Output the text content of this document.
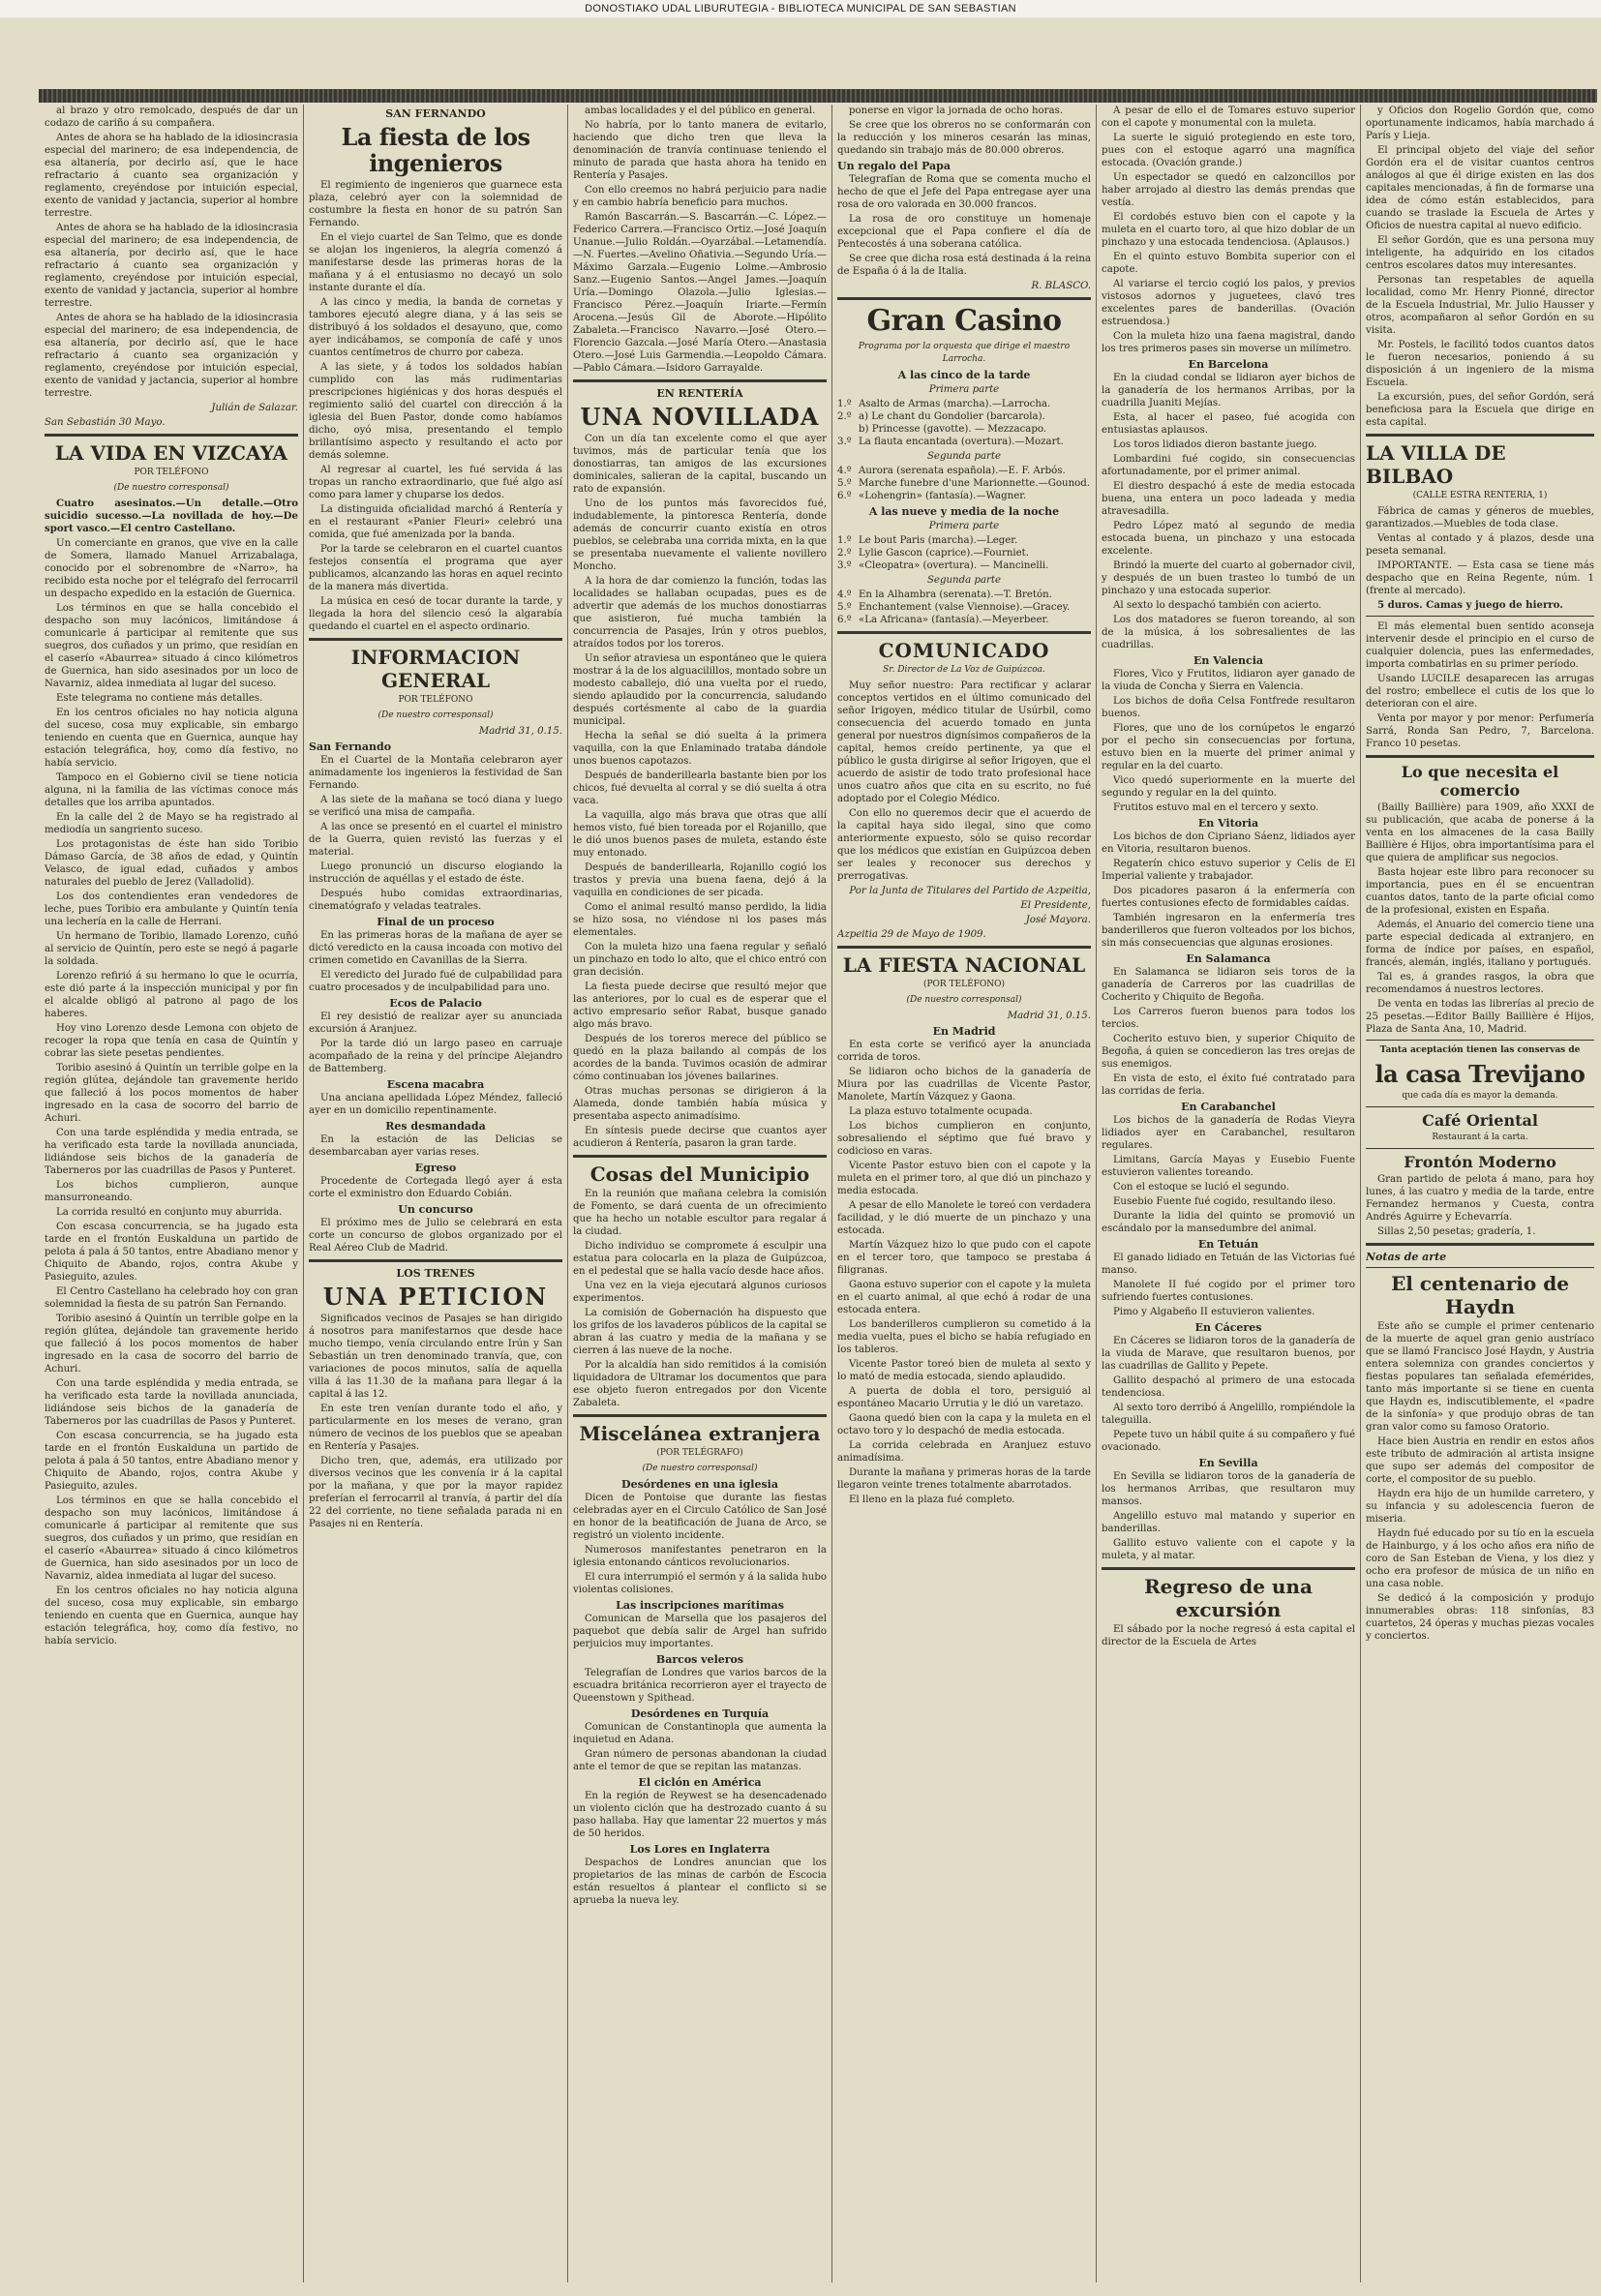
DONOSTIAKO UDAL LIBURUTEGIA - BIBLIOTECA MUNICIPAL DE SAN SEBASTIAN

al brazo y otro remolcado, después de dar un codazo de cariño á su compañera.

Antes de ahora se ha hablado de la idiosincrasia especial del marinero; de esa independencia, de esa altanería, por decirlo así, que le hace refractario á cuanto sea organización y reglamento, creyéndose por intuición especial, exento de vanidad y jactancia, superior al hombre terrestre.

Antes de ahora se ha hablado de la idiosincrasia especial del marinero; de esa independencia, de esa altanería, por decirlo así, que le hace refractario á cuanto sea organización y reglamento, creyéndose por intuición especial, exento de vanidad y jactancia, superior al hombre terrestre.

Antes de ahora se ha hablado de la idiosincrasia especial del marinero; de esa independencia, de esa altanería, por decirlo así, que le hace refractario á cuanto sea organización y reglamento, creyéndose por intuición especial, exento de vanidad y jactancia, superior al hombre terrestre.

Julián de Salazar.
San Sebastián 30 Mayo.
LA VIDA EN VIZCAYA
POR TELÉFONO
(De nuestro corresponsal)

Cuatro asesinatos.—Un detalle.—Otro suicidio sucesso.—La novillada de hoy.—De sport vasco.—El centro Castellano.

Un comerciante en granos, que vive en la calle de Somera, llamado Manuel Arrizabalaga, conocido por el sobrenombre de «Narro», ha recibido esta noche por el telégrafo del ferrocarril un despacho expedido en la estación de Guernica.

Los términos en que se halla concebido el despacho son muy lacónicos, limitándose á comunicarle á participar al remitente que sus suegros, dos cuñados y un primo, que residían en el caserío «Abaurrea» situado á cinco kilómetros de Guernica, han sido asesinados por un loco de Navarniz, aldea inmediata al lugar del suceso.

Este telegrama no contiene más detalles.

En los centros oficiales no hay noticia alguna del suceso, cosa muy explicable, sin embargo teniendo en cuenta que en Guernica, aunque hay estación telegráfica, hoy, como día festivo, no había servicio.

Tampoco en el Gobierno civil se tiene noticia alguna, ni la familia de las víctimas conoce más detalles que los arriba apuntados.

En la calle del 2 de Mayo se ha registrado al mediodía un sangriento suceso.

Los protagonistas de éste han sido Toribio Dámaso García, de 38 años de edad, y Quintín Velasco, de igual edad, cuñados y ambos naturales del pueblo de Jerez (Valladolid).

Los dos contendientes eran vendedores de leche, pues Toribio era ambulante y Quintín tenía una lechería en la calle de Herrani.

Un hermano de Toribio, llamado Lorenzo, cuñó al servicio de Quintín, pero este se negó á pagarle la soldada.

Lorenzo refirió á su hermano lo que le ocurría, este dió parte á la inspección municipal y por fin el alcalde obligó al patrono al pago de los haberes.

Hoy vino Lorenzo desde Lemona con objeto de recoger la ropa que tenía en casa de Quintín y cobrar las siete pesetas pendientes.

Toribio asesinó á Quintín un terrible golpe en la región glútea, dejándole tan gravemente herido que falleció á los pocos momentos de haber ingresado en la casa de socorro del barrio de Achuri.

Con una tarde espléndida y media entrada, se ha verificado esta tarde la novillada anunciada, lidiándose seis bichos de la ganadería de Taberneros por las cuadrillas de Pasos y Punteret.

Los bichos cumplieron, aunque mansurroneando.

La corrida resultó en conjunto muy aburrida.

Con escasa concurrencia, se ha jugado esta tarde en el frontón Euskalduna un partido de pelota á pala á 50 tantos, entre Abadiano menor y Chiquito de Abando, rojos, contra Akube y Pasieguito, azules.

El Centro Castellano ha celebrado hoy con gran solemnidad la fiesta de su patrón San Fernando.

Toribio asesinó á Quintín un terrible golpe en la región glútea, dejándole tan gravemente herido que falleció á los pocos momentos de haber ingresado en la casa de socorro del barrio de Achuri.

Con una tarde espléndida y media entrada, se ha verificado esta tarde la novillada anunciada, lidiándose seis bichos de la ganadería de Taberneros por las cuadrillas de Pasos y Punteret.

Con escasa concurrencia, se ha jugado esta tarde en el frontón Euskalduna un partido de pelota á pala á 50 tantos, entre Abadiano menor y Chiquito de Abando, rojos, contra Akube y Pasieguito, azules.

Los términos en que se halla concebido el despacho son muy lacónicos, limitándose á comunicarle á participar al remitente que sus suegros, dos cuñados y un primo, que residían en el caserío «Abaurrea» situado á cinco kilómetros de Guernica, han sido asesinados por un loco de Navarniz, aldea inmediata al lugar del suceso.

En los centros oficiales no hay noticia alguna del suceso, cosa muy explicable, sin embargo teniendo en cuenta que en Guernica, aunque hay estación telegráfica, hoy, como día festivo, no había servicio.

SAN FERNANDO
La fiesta de los ingenieros

El regimiento de ingenieros que guarnece esta plaza, celebró ayer con la solemnidad de costumbre la fiesta en honor de su patrón San Fernando.

En el viejo cuartel de San Telmo, que es donde se alojan los ingenieros, la alegría comenzó á manifestarse desde las primeras horas de la mañana y á el entusiasmo no decayó un solo instante durante el día.

A las cinco y media, la banda de cornetas y tambores ejecutó alegre diana, y á las seis se distribuyó á los soldados el desayuno, que, como ayer indicábamos, se componía de café y unos cuantos centímetros de churro por cabeza.

A las siete, y á todos los soldados habían cumplido con las más rudimentarias prescripciones higiénicas y dos horas después el regimiento salió del cuartel con dirección á la iglesia del Buen Pastor, donde como habíamos dicho, oyó misa, presentando el templo brillantísimo aspecto y resultando el acto por demás solemne.

Al regresar al cuartel, les fué servida á las tropas un rancho extraordinario, que fué algo así como para lamer y chuparse los dedos.

La distinguida oficialidad marchó á Rentería y en el restaurant «Panier Fleuri» celebró una comida, que fué amenizada por la banda.

Por la tarde se celebraron en el cuartel cuantos festejos consentía el programa que ayer publicamos, alcanzando las horas en aquel recinto de la manera más divertida.

La música en cesó de tocar durante la tarde, y llegada la hora del silencio cesó la algarabía quedando el cuartel en el aspecto ordinario.

INFORMACION GENERAL
POR TELÉFONO
(De nuestro corresponsal)
Madrid 31, 0.15.
San Fernando

En el Cuartel de la Montaña celebraron ayer animadamente los ingenieros la festividad de San Fernando.

A las siete de la mañana se tocó diana y luego se verificó una misa de campaña.

A las once se presentó en el cuartel el ministro de la Guerra, quien revistó las fuerzas y el material.

Luego pronunció un discurso elogiando la instrucción de aquéllas y el estado de éste.

Después hubo comidas extraordinarias, cinematógrafo y veladas teatrales.

Final de un proceso

En las primeras horas de la mañana de ayer se dictó veredicto en la causa incoada con motivo del crimen cometido en Cavanillas de la Sierra.

El veredicto del Jurado fué de culpabilidad para cuatro procesados y de inculpabilidad para uno.

Ecos de Palacio

El rey desistió de realizar ayer su anunciada excursión á Aranjuez.

Por la tarde dió un largo paseo en carruaje acompañado de la reina y del príncipe Alejandro de Battemberg.

Escena macabra

Una anciana apellidada López Méndez, falleció ayer en un domicilio repentinamente.

Res desmandada

En la estación de las Delicias se desembarcaban ayer varias reses.

Egreso

Procedente de Cortegada llegó ayer á esta corte el exministro don Eduardo Cobián.

Un concurso

El próximo mes de Julio se celebrará en esta corte un concurso de globos organizado por el Real Aéreo Club de Madrid.

LOS TRENES
UNA PETICION

Significados vecinos de Pasajes se han dirigido á nosotros para manifestarnos que desde hace mucho tiempo, venía circulando entre Irún y San Sebastián un tren denominado tranvía, que, con variaciones de pocos minutos, salía de aquella villa á las 11.30 de la mañana para llegar á la capital á las 12.

En este tren venían durante todo el año, y particularmente en los meses de verano, gran número de vecinos de los pueblos que se apeaban en Rentería y Pasajes.

Dicho tren, que, además, era utilizado por diversos vecinos que les convenía ir á la capital por la mañana, y que por la mayor rapidez preferían el ferrocarril al tranvía, á partir del día 22 del corriente, no tiene señalada parada ni en Pasajes ni en Rentería.

ambas localidades y el del público en general.

No habría, por lo tanto manera de evitarlo, haciendo que dicho tren que lleva la denominación de tranvía continuase teniendo el minuto de parada que hasta ahora ha tenido en Rentería y Pasajes.

Con ello creemos no habrá perjuicio para nadie y en cambio habría beneficio para muchos.

Ramón Bascarrán.—S. Bascarrán.—C. López.—Federico Carrera.—Francisco Ortiz.—José Joaquín Unanue.—Julio Roldán.—Oyarzábal.—Letamendía.—N. Fuertes.—Avelino Oñativia.—Segundo Uría.—Máximo Garzala.—Eugenio Lolme.—Ambrosio Sanz.—Eugenio Santos.—Angel James.—Joaquín Uría.—Domingo Olazola.—Julio Iglesias.—Francisco Pérez.—Joaquín Iriarte.—Fermín Arocena.—Jesús Gil de Aborote.—Hipólito Zabaleta.—Francisco Navarro.—José Otero.—Florencio Gazcala.—José María Otero.—Anastasia Otero.—José Luis Garmendia.—Leopoldo Cámara.—Pablo Cámara.—Isidoro Garrayalde.

EN RENTERÍA
UNA NOVILLADA

Con un día tan excelente como el que ayer tuvimos, más de particular tenía que los donostiarras, tan amigos de las excursiones dominicales, salieran de la capital, buscando un rato de expansión.

Uno de los puntos más favorecidos fué, indudablemente, la pintoresca Rentería, donde además de concurrir cuanto existía en otros pueblos, se celebraba una corrida mixta, en la que se presentaba nuevamente el valiente novillero Moncho.

A la hora de dar comienzo la función, todas las localidades se hallaban ocupadas, pues es de advertir que además de los muchos donostiarras que asistieron, fué mucha también la concurrencia de Pasajes, Irún y otros pueblos, atraídos todos por los toreros.

Un señor atraviesa un espontáneo que le quiera mostrar á la de los alguacilillos, montado sobre un modesto caballejo, dió una vuelta por el ruedo, siendo aplaudido por la concurrencia, saludando después cortésmente al cabo de la guardia municipal.

Hecha la señal se dió suelta á la primera vaquilla, con la que Enlaminado trataba dándole unos buenos capotazos.

Después de banderillearla bastante bien por los chicos, fué devuelta al corral y se dió suelta á otra vaca.

La vaquilla, algo más brava que otras que allí hemos visto, fué bien toreada por el Rojanillo, que le dió unos buenos pases de muleta, estando éste muy entonado.

Después de banderillearla, Rojanillo cogió los trastos y previa una buena faena, dejó á la vaquilla en condiciones de ser picada.

Como el animal resultó manso perdido, la lidia se hizo sosa, no viéndose ni los pases más elementales.

Con la muleta hizo una faena regular y señaló un pinchazo en todo lo alto, que el chico entró con gran decisión.

La fiesta puede decirse que resultó mejor que las anteriores, por lo cual es de esperar que el activo empresario señor Rabat, busque ganado algo más bravo.

Después de los toreros merece del público se quedó en la plaza bailando al compás de los acordes de la banda. Tuvimos ocasión de admirar cómo continuaban los jóvenes bailarines.

Otras muchas personas se dirigieron á la Alameda, donde también había música y presentaba aspecto animadísimo.

En síntesis puede decirse que cuantos ayer acudieron á Rentería, pasaron la gran tarde.

Cosas del Municipio

En la reunión que mañana celebra la comisión de Fomento, se dará cuenta de un ofrecimiento que ha hecho un notable escultor para regalar á la ciudad.

Dicho individuo se compromete á esculpir una estatua para colocarla en la plaza de Guipúzcoa, en el pedestal que se halla vacío desde hace años.

Una vez en la vieja ejecutará algunos curiosos experimentos.

La comisión de Gobernación ha dispuesto que los grifos de los lavaderos públicos de la capital se abran á las cuatro y media de la mañana y se cierren á las nueve de la noche.

Por la alcaldía han sido remitidos á la comisión liquidadora de Ultramar los documentos que para ese objeto fueron entregados por don Vicente Zabaleta.

Miscelánea extranjera
(POR TELÉGRAFO)
(De nuestro corresponsal)
Desórdenes en una iglesia

Dicen de Pontoise que durante las fiestas celebradas ayer en el Circulo Católico de San José en honor de la beatificación de Juana de Arco, se registró un violento incidente.

Numerosos manifestantes penetraron en la iglesia entonando cánticos revolucionarios.

El cura interrumpió el sermón y á la salida hubo violentas colisiones.

Las inscripciones marítimas

Comunican de Marsella que los pasajeros del paquebot que debía salir de Argel han sufrido perjuicios muy importantes.

Barcos veleros

Telegrafían de Londres que varios barcos de la escuadra británica recorrieron ayer el trayecto de Queenstown y Spithead.

Desórdenes en Turquía

Comunican de Constantinopla que aumenta la inquietud en Adana.

Gran número de personas abandonan la ciudad ante el temor de que se repitan las matanzas.

El ciclón en América

En la región de Reywest se ha desencadenado un violento ciclón que ha destrozado cuanto á su paso hallaba. Hay que lamentar 22 muertos y más de 50 heridos.

Los Lores en Inglaterra

Despachos de Londres anuncian que los propietarios de las minas de carbón de Escocia están resueltos á plantear el conflicto si se aprueba la nueva ley.

ponerse en vigor la jornada de ocho horas.

Se cree que los obreros no se conformarán con la reducción y los mineros cesarán las minas, quedando sin trabajo más de 80.000 obreros.

Un regalo del Papa

Telegrafían de Roma que se comenta mucho el hecho de que el Jefe del Papa entregase ayer una rosa de oro valorada en 30.000 francos.

La rosa de oro constituye un homenaje excepcional que el Papa confiere el día de Pentecostés á una soberana católica.

Se cree que dicha rosa está destinada á la reina de España ó á la de Italia.

R. BLASCO.
Gran Casino
Programa por la orquesta que dirige el maestro Larrocha.
A las cinco de la tarde
Primera parte
1.º Asalto de Armas (marcha).—Larrocha.
2.º a) Le chant du Gondolier (barcarola).
b) Princesse (gavotte). — Mezzacapo.
3.º La flauta encantada (overtura).—Mozart.
Segunda parte
4.º Aurora (serenata española).—E. F. Arbós.
5.º Marche funebre d'une Marionnette.—Gounod.
6.º «Lohengrin» (fantasía).—Wagner.
A las nueve y media de la noche
Primera parte
1.º Le bout Paris (marcha).—Leger.
2.º Lylie Gascon (caprice).—Fourniet.
3.º «Cleopatra» (overtura). — Mancinelli.
Segunda parte
4.º En la Alhambra (serenata).—T. Bretón.
5.º Enchantement (valse Viennoise).—Gracey.
6.º «La Africana» (fantasía).—Meyerbeer.
COMUNICADO
Sr. Director de La Voz de Guipúzcoa.

Muy señor nuestro: Para rectificar y aclarar conceptos vertidos en el último comunicado del señor Irigoyen, médico titular de Usúrbil, como consecuencia del acuerdo tomado en junta general por nuestros dignísimos compañeros de la capital, hemos creído pertinente, ya que el público le gusta dirigirse al señor Irigoyen, que el acuerdo de asistir de todo trato profesional hace unos cuatro años que cita en su escrito, no fué adoptado por el Colegio Médico.

Con ello no queremos decir que el acuerdo de la capital haya sido ilegal, sino que como anteriormente expuesto, sólo se quiso recordar que los médicos que existían en Guipúzcoa deben ser leales y reconocer sus derechos y prerrogativas.

Por la Junta de Titulares del Partido de Azpeitia,
El Presidente,
José Mayora.
Azpeitia 29 de Mayo de 1909.
LA FIESTA NACIONAL
(POR TELÉFONO)
(De nuestro corresponsal)
Madrid 31, 0.15.
En Madrid

En esta corte se verificó ayer la anunciada corrida de toros.

Se lidiaron ocho bichos de la ganadería de Miura por las cuadrillas de Vicente Pastor, Manolete, Martín Vázquez y Gaona.

La plaza estuvo totalmente ocupada.

Los bichos cumplieron en conjunto, sobresaliendo el séptimo que fué bravo y codicioso en varas.

Vicente Pastor estuvo bien con el capote y la muleta en el primer toro, al que dió un pinchazo y media estocada.

A pesar de ello Manolete le toreó con verdadera facilidad, y le dió muerte de un pinchazo y una estocada.

Martín Vázquez hizo lo que pudo con el capote en el tercer toro, que tampoco se prestaba á filigranas.

Gaona estuvo superior con el capote y la muleta en el cuarto animal, al que echó á rodar de una estocada entera.

Los banderilleros cumplieron su cometido á la media vuelta, pues el bicho se había refugiado en los tableros.

Vicente Pastor toreó bien de muleta al sexto y lo mató de media estocada, siendo aplaudido.

A puerta de dobla el toro, persiguió al espontáneo Macario Urrutia y le dió un varetazo.

Gaona quedó bien con la capa y la muleta en el octavo toro y lo despachó de media estocada.

La corrida celebrada en Aranjuez estuvo animadísima.

Durante la mañana y primeras horas de la tarde llegaron veinte trenes totalmente abarrotados.

El lleno en la plaza fué completo.

A pesar de ello el de Tomares estuvo superior con el capote y monumental con la muleta.

La suerte le siguió protegiendo en este toro, pues con el estoque agarró una magnífica estocada. (Ovación grande.)

Un espectador se quedó en calzoncillos por haber arrojado al diestro las demás prendas que vestía.

El cordobés estuvo bien con el capote y la muleta en el cuarto toro, al que hizo doblar de un pinchazo y una estocada tendenciosa. (Aplausos.)

En el quinto estuvo Bombita superior con el capote.

Al variarse el tercio cogió los palos, y previos vistosos adornos y juguetees, clavó tres excelentes pares de banderillas. (Ovación estruendosa.)

Con la muleta hizo una faena magistral, dando los tres primeros pases sin moverse un milímetro.

En Barcelona

En la ciudad condal se lidiaron ayer bichos de la ganadería de los hermanos Arribas, por la cuadrilla Juaniti Mejías.

Esta, al hacer el paseo, fué acogida con entusiastas aplausos.

Los toros lidiados dieron bastante juego.

Lombardini fué cogido, sin consecuencias afortunadamente, por el primer animal.

El diestro despachó á este de media estocada buena, una entera un poco ladeada y media atravesadilla.

Pedro López mató al segundo de media estocada buena, un pinchazo y una estocada excelente.

Brindó la muerte del cuarto al gobernador civil, y después de un buen trasteo lo tumbó de un pinchazo y una estocada superior.

Al sexto lo despachó también con acierto.

Los dos matadores se fueron toreando, al son de la música, á los sobresalientes de las cuadrillas.

En Valencia

Flores, Vico y Frutitos, lidiaron ayer ganado de la viuda de Concha y Sierra en Valencia.

Los bichos de doña Celsa Fontfrede resultaron buenos.

Flores, que uno de los cornúpetos le engarzó por el pecho sin consecuencias por fortuna, estuvo bien en la muerte del primer animal y regular en la del cuarto.

Vico quedó superiormente en la muerte del segundo y regular en la del quinto.

Frutitos estuvo mal en el tercero y sexto.

En Vitoria

Los bichos de don Cipriano Sáenz, lidiados ayer en Vitoria, resultaron buenos.

Regaterín chico estuvo superior y Celis de El Imperial valiente y trabajador.

Dos picadores pasaron á la enfermería con fuertes contusiones efecto de formidables caídas.

También ingresaron en la enfermería tres banderilleros que fueron volteados por los bichos, sin más consecuencias que algunas erosiones.

En Salamanca

En Salamanca se lidiaron seis toros de la ganadería de Carreros por las cuadrillas de Cocherito y Chiquito de Begoña.

Los Carreros fueron buenos para todos los tercios.

Cocherito estuvo bien, y superior Chiquito de Begoña, á quien se concedieron las tres orejas de sus enemigos.

En vista de esto, el éxito fué contratado para las corridas de feria.

En Carabanchel

Los bichos de la ganadería de Rodas Vieyra lidiados ayer en Carabanchel, resultaron regulares.

Limitans, García Mayas y Eusebio Fuente estuvieron valientes toreando.

Con el estoque se lució el segundo.

Eusebio Fuente fué cogido, resultando ileso.

Durante la lidia del quinto se promovió un escándalo por la mansedumbre del animal.

En Tetuán

El ganado lidiado en Tetuán de las Victorias fué manso.

Manolete II fué cogido por el primer toro sufriendo fuertes contusiones.

Pimo y Algabeño II estuvieron valientes.

En Cáceres

En Cáceres se lidiaron toros de la ganadería de la viuda de Marave, que resultaron buenos, por las cuadrillas de Gallito y Pepete.

Gallito despachó al primero de una estocada tendenciosa.

Al sexto toro derribó á Angelillo, rompiéndole la taleguilla.

Pepete tuvo un hábil quite á su compañero y fué ovacionado.

En Sevilla

En Sevilla se lidiaron toros de la ganadería de los hermanos Arribas, que resultaron muy mansos.

Angelillo estuvo mal matando y superior en banderillas.

Gallito estuvo valiente con el capote y la muleta, y al matar.

Regreso de una excursión

El sábado por la noche regresó á esta capital el director de la Escuela de Artes

y Oficios don Rogelio Gordón que, como oportunamente indicamos, había marchado á París y Lieja.

El principal objeto del viaje del señor Gordón era el de visitar cuantos centros análogos al que él dirige existen en las dos capitales mencionadas, á fin de formarse una idea de cómo están establecidos, para cuando se traslade la Escuela de Artes y Oficios de nuestra capital al nuevo edificio.

El señor Gordón, que es una persona muy inteligente, ha adquirido en los citados centros escolares datos muy interesantes.

Personas tan respetables de aquella localidad, como Mr. Henry Pionné, director de la Escuela Industrial, Mr. Julio Hausser y otros, acompañaron al señor Gordón en su visita.

Mr. Postels, le facilitó todos cuantos datos le fueron necesarios, poniendo á su disposición á un ingeniero de la misma Escuela.

La excursión, pues, del señor Gordón, será beneficiosa para la Escuela que dirige en esta capital.

LA VILLA DE BILBAO
(CALLE ESTRA RENTERIA, 1)

Fábrica de camas y géneros de muebles, garantizados.—Muebles de toda clase.

Ventas al contado y á plazos, desde una peseta semanal.

IMPORTANTE. — Esta casa se tiene más despacho que en Reina Regente, núm. 1 (frente al mercado).

5 duros. Camas y juego de hierro.

El más elemental buen sentido aconseja intervenir desde el principio en el curso de cualquier dolencia, pues las enfermedades, importa combatirlas en su primer período.

Usando LUCILE desaparecen las arrugas del rostro; embellece el cutis de los que lo deterioran con el aire.

Venta por mayor y por menor: Perfumería Sarrá, Ronda San Pedro, 7, Barcelona. Franco 10 pesetas.

Lo que necesita el comercio

(Bailly Baillière) para 1909, año XXXI de su publicación, que acaba de ponerse á la venta en los almacenes de la casa Bailly Baillière é Hijos, obra importantísima para el que quiera de amplificar sus negocios.

Basta hojear este libro para reconocer su importancia, pues en él se encuentran cuantos datos, tanto de la parte oficial como de la profesional, existen en España.

Además, el Anuario del comercio tiene una parte especial dedicada al extranjero, en forma de índice por países, en español, francés, alemán, inglés, italiano y portugués.

Tal es, á grandes rasgos, la obra que recomendamos á nuestros lectores.

De venta en todas las librerías al precio de 25 pesetas.—Editor Bailly Baillière é Hijos, Plaza de Santa Ana, 10, Madrid.

Tanta aceptación tienen las conservas de
la casa Trevijano
que cada día es mayor la demanda.
Café Oriental
Restaurant á la carta.
Frontón Moderno

Gran partido de pelota á mano, para hoy lunes, á las cuatro y media de la tarde, entre Fernandez hermanos y Cuesta, contra Andrés Aguirre y Echevarría.

Sillas 2,50 pesetas; gradería, 1.

Notas de arte
El centenario de Haydn

Este año se cumple el primer centenario de la muerte de aquel gran genio austríaco que se llamó Francisco José Haydn, y Austria entera solemniza con grandes conciertos y fiestas populares tan señalada efemérides, tanto más importante si se tiene en cuenta que Haydn es, indiscutiblemente, el «padre de la sinfonía» y que produjo obras de tan gran valor como su famoso Oratorio.

Hace bien Austria en rendir en estos años este tributo de admiración al artista insigne que supo ser además del compositor de corte, el compositor de su pueblo.

Haydn era hijo de un humilde carretero, y su infancia y su adolescencia fueron de miseria.

Haydn fué educado por su tío en la escuela de Hainburgo, y á los ocho años era niño de coro de San Esteban de Viena, y los diez y ocho era profesor de música de un niño en una casa noble.

Se dedicó á la composición y produjo innumerables obras: 118 sinfonías, 83 cuartetos, 24 óperas y muchas piezas vocales y conciertos.
